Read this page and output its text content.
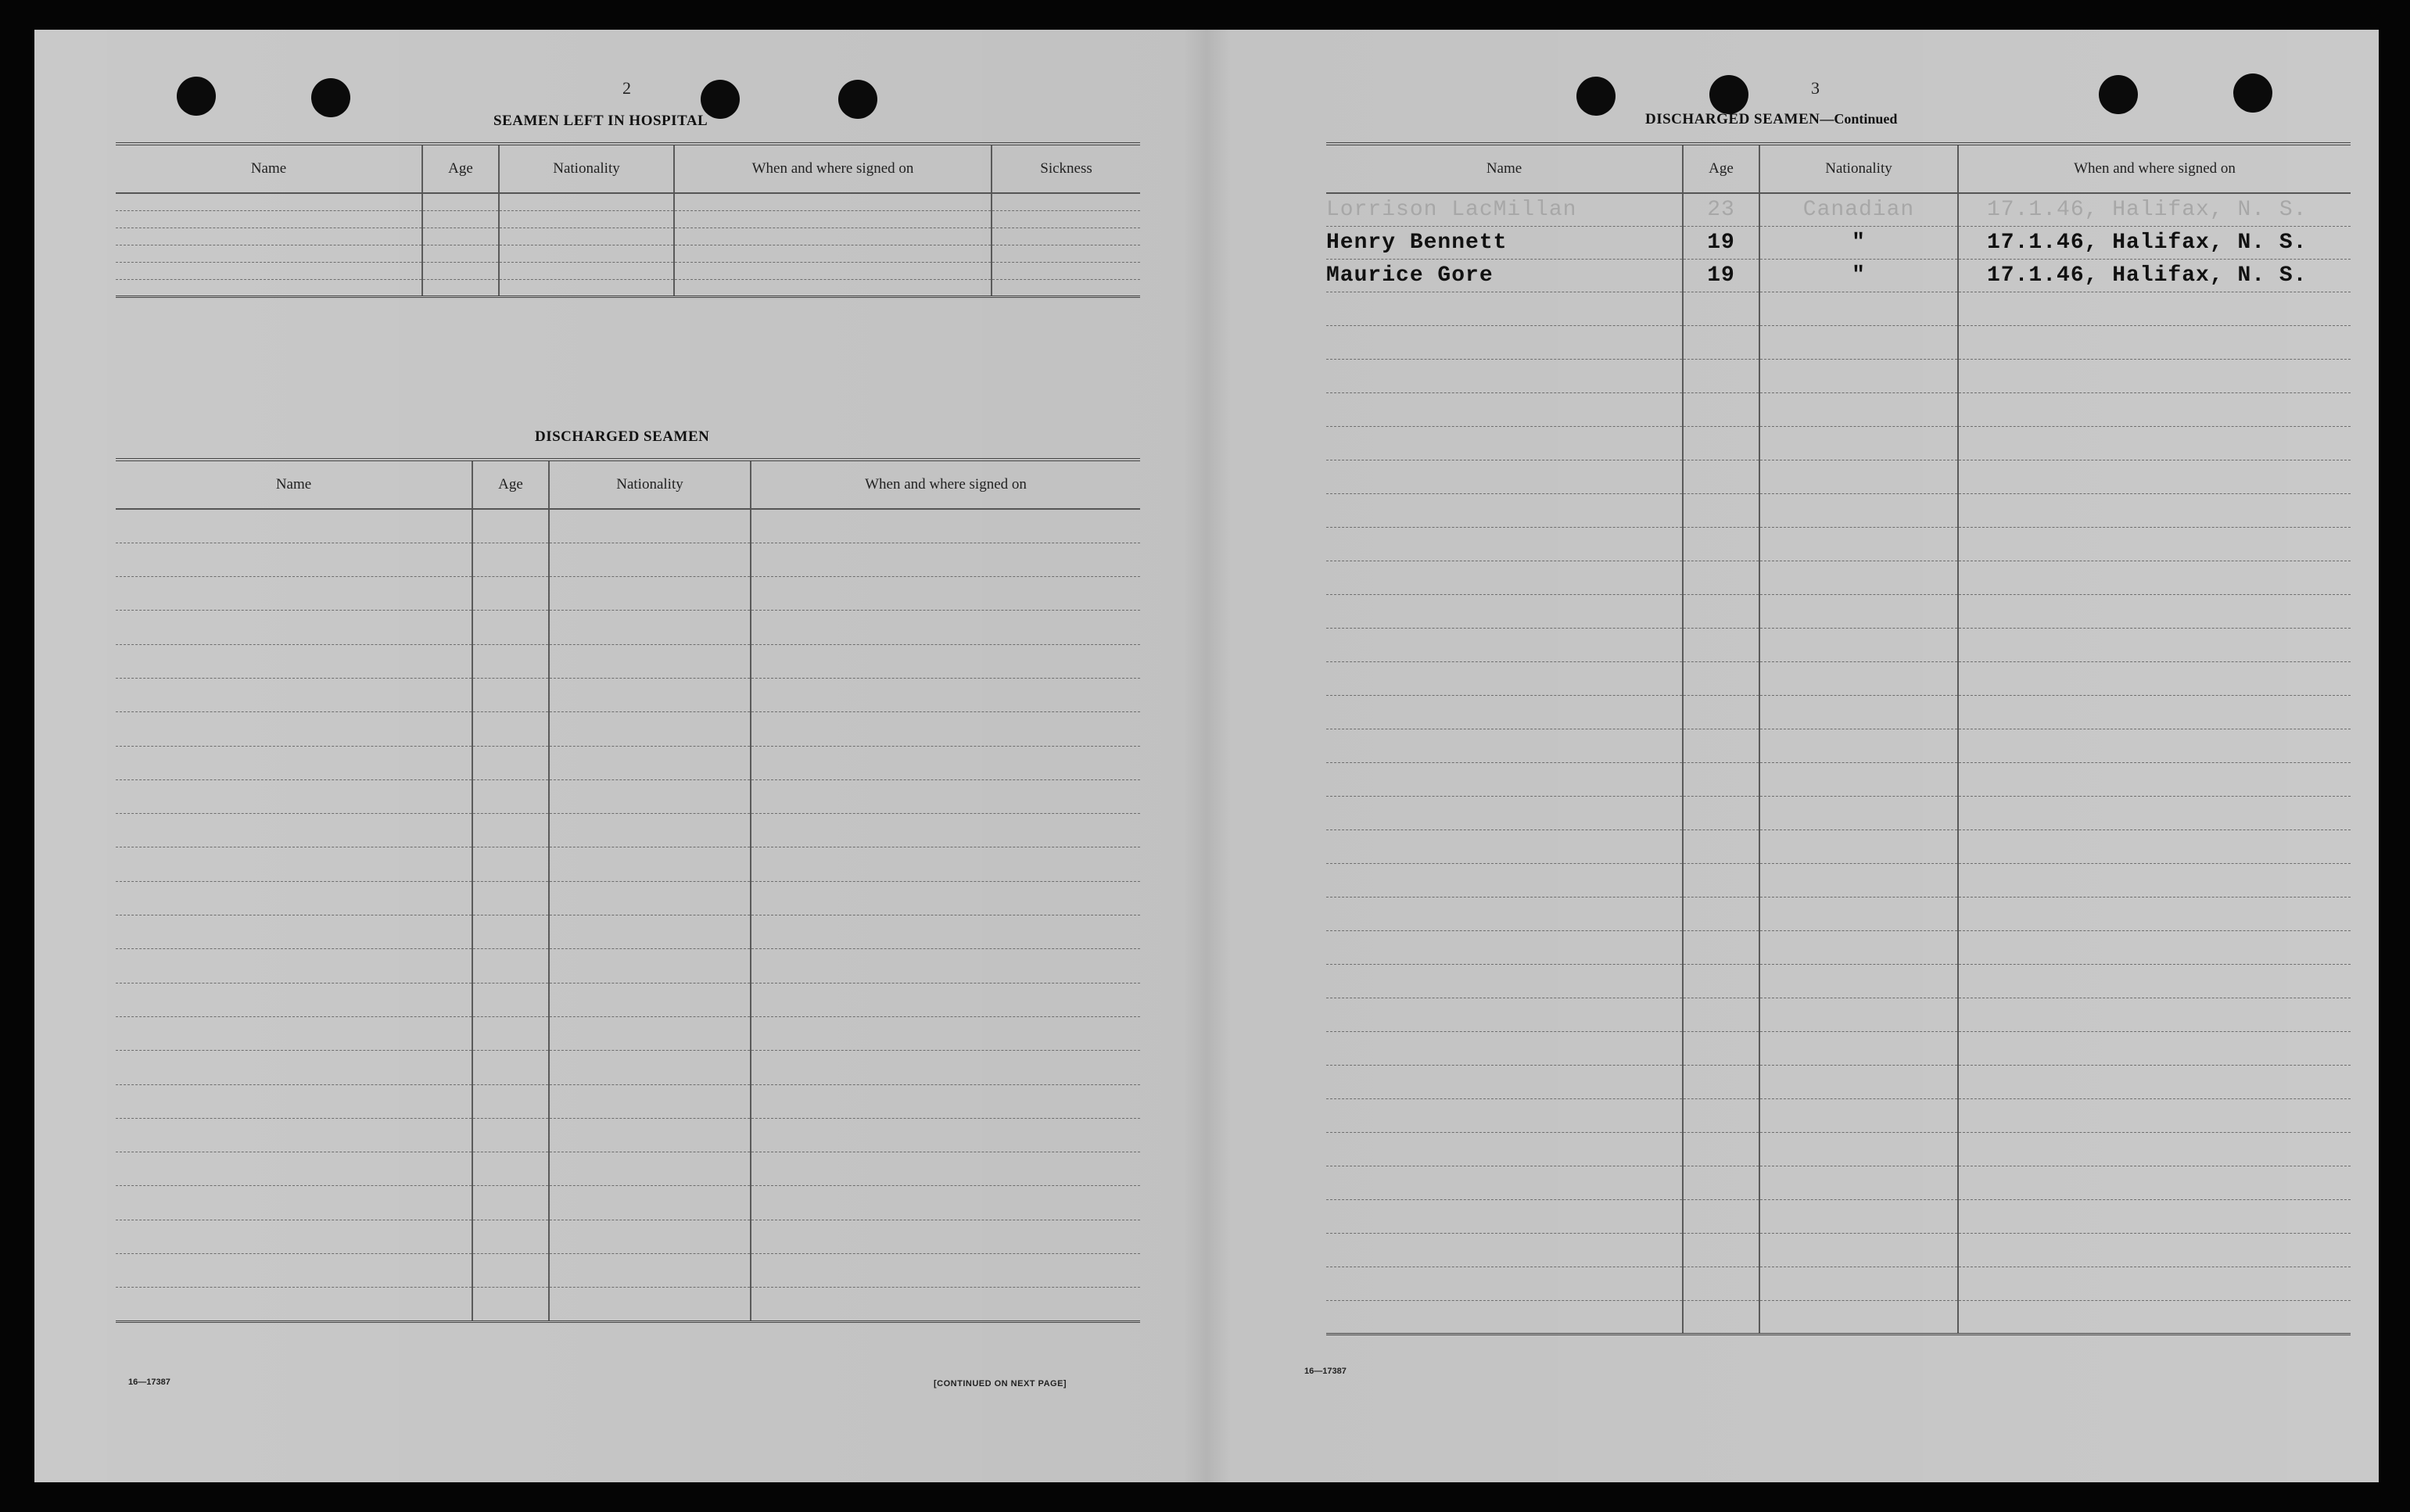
2
SEAMEN LEFT IN HOSPITAL
Name	Age	Nationality	When and where signed on	Sickness

DISCHARGED SEAMEN
Name	Age	Nationality	When and where signed on

16—17387	[CONTINUED ON NEXT PAGE]
3
DISCHARGED SEAMEN—Continued
Name	Age	Nationality	When and where signed on
Lorrison LacMillan	23	Canadian	17.1.46, Halifax, N. S.
Henry Bennett	19	"	17.1.46, Halifax, N. S.
Maurice Gore	19	"	17.1.46, Halifax, N. S.

16—17387
